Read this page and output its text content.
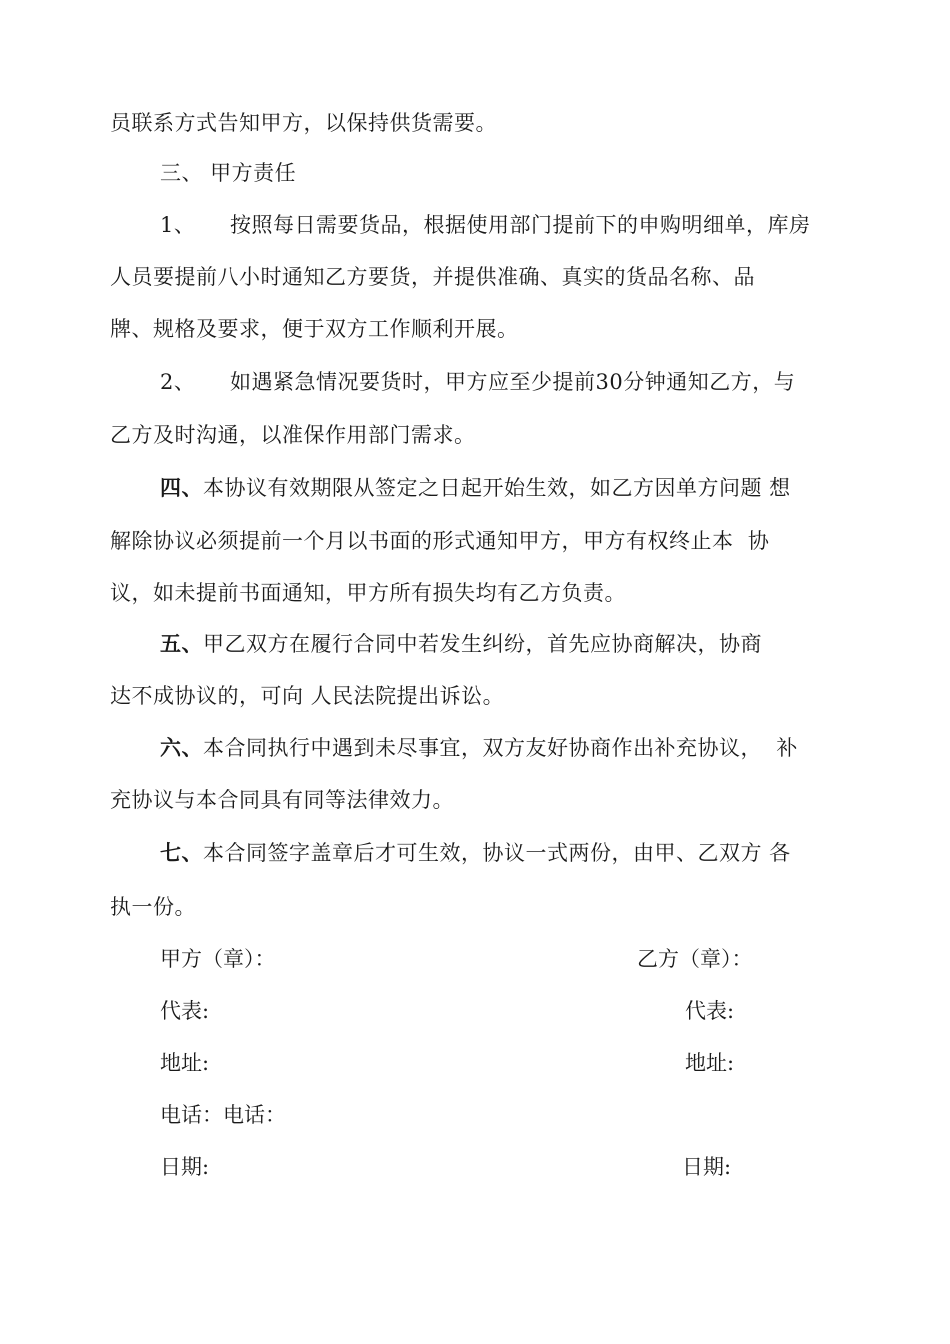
员联系方式告知甲方，以保持供货需要。
三、 甲方责任
1、 按照每日需要货品，根据使用部门提前下的申购明细单，库房
人员要提前八小时通知乙方要货，并提供准确、真实的货品名称、品
牌、规格及要求，便于双方工作顺利开展。
2、 如遇紧急情况要货时，甲方应至少提前30分钟通知乙方，与
乙方及时沟通，以准保作用部门需求。
四、本协议有效期限从签定之日起开始生效，如乙方因单方问题 想
解除协议必须提前一个月以书面的形式通知甲方，甲方有权终止本  协
议，如未提前书面通知，甲方所有损失均有乙方负责。
五、甲乙双方在履行合同中若发生纠纷，首先应协商解决，协商
达不成协议的，可向 人民法院提出诉讼。
六、本合同执行中遇到未尽事宜，双方友好协商作出补充协议，  补
充协议与本合同具有同等法律效力。
七、本合同签字盖章后才可生效，协议一式两份，由甲、乙双方 各
执一份。
甲方（章）：	乙方（章）：
代表:	代表:
地址:	地址:
电话：电话：
日期:	日期:
